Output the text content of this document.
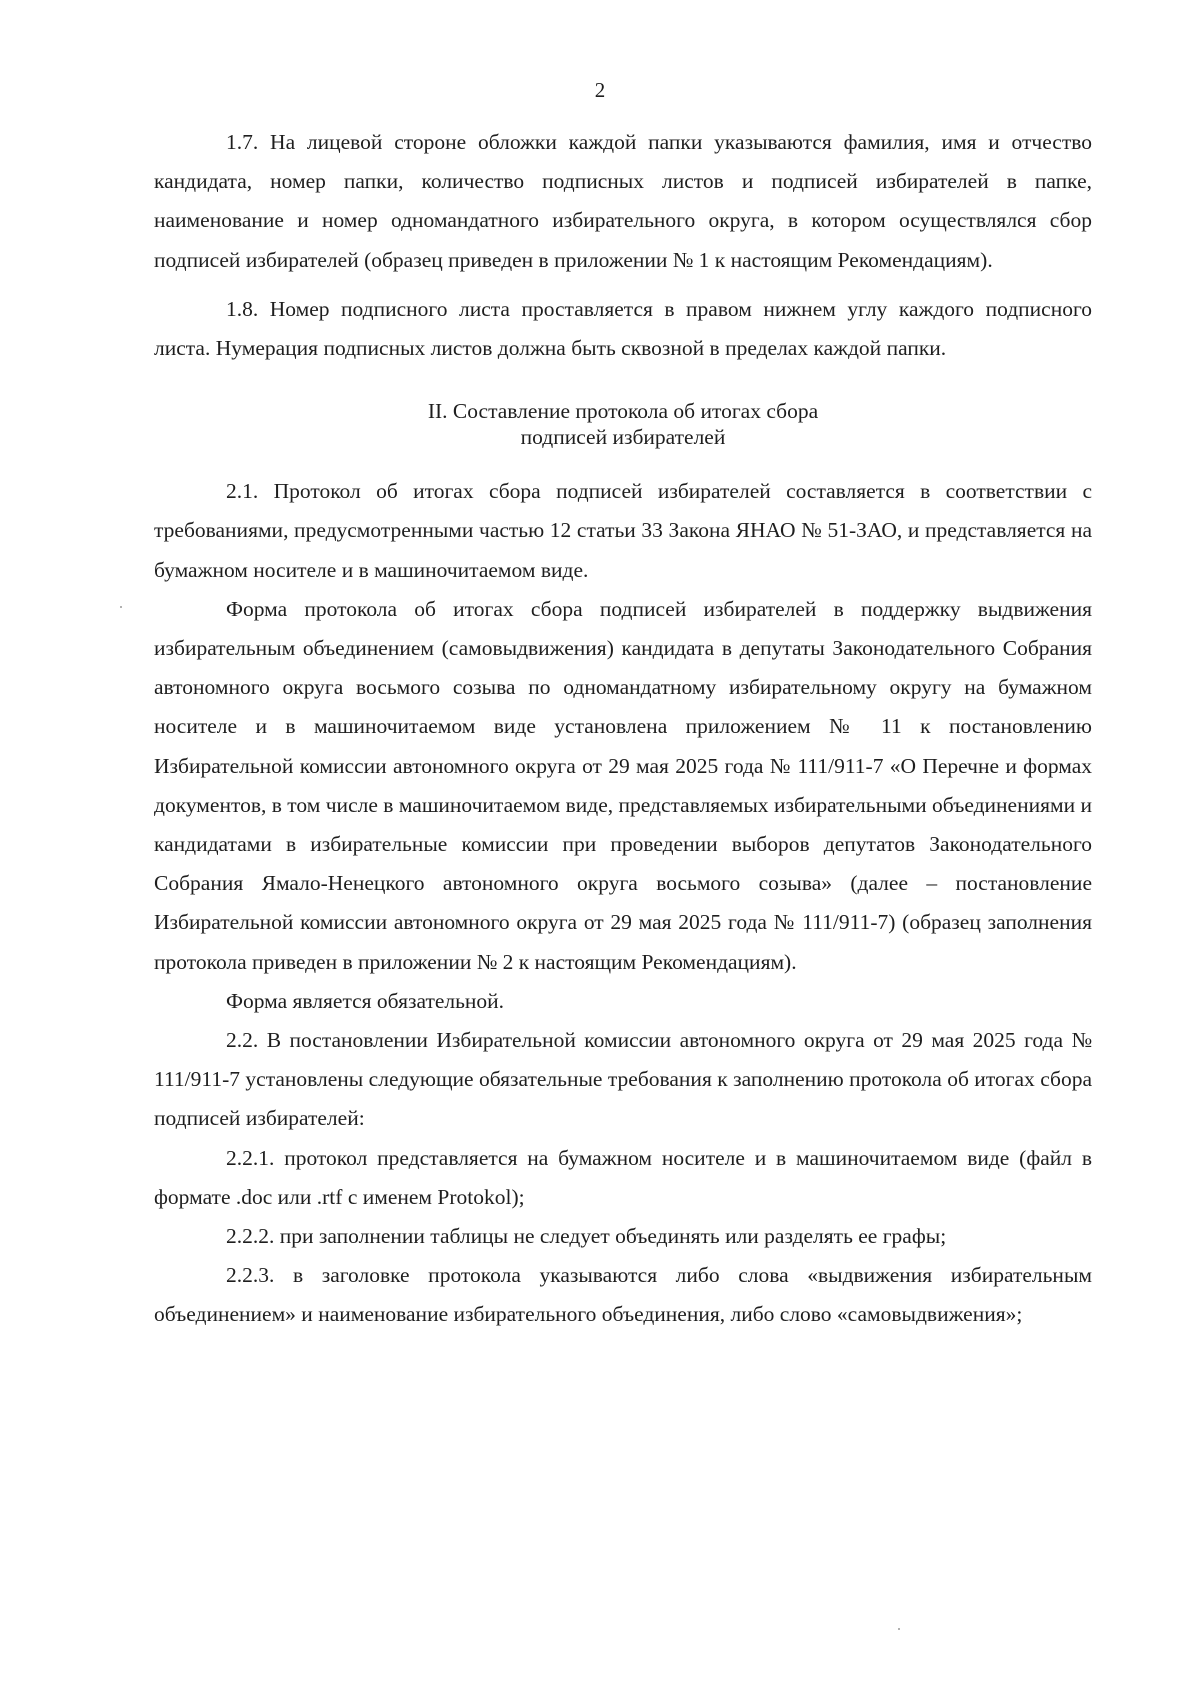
2

1.7. На лицевой стороне обложки каждой папки указываются фамилия, имя и отчество кандидата, номер папки, количество подписных листов и подписей избирателей в папке, наименование и номер одномандатного избирательного округа, в котором осуществлялся сбор подписей избирателей (образец приведен в приложении № 1 к настоящим Рекомендациям).

1.8. Номер подписного листа проставляется в правом нижнем углу каждого подписного листа. Нумерация подписных листов должна быть сквозной в пределах каждой папки.

II. Составление протокола об итогах сбора
подписей избирателей

2.1. Протокол об итогах сбора подписей избирателей составляется в соответствии с требованиями, предусмотренными частью 12 статьи 33 Закона ЯНАО № 51-ЗАО, и представляется на бумажном носителе и в машиночитаемом виде.

Форма протокола об итогах сбора подписей избирателей в поддержку выдвижения избирательным объединением (самовыдвижения) кандидата в депутаты Законодательного Собрания автономного округа восьмого созыва по одномандатному избирательному округу на бумажном носителе и в машиночитаемом виде установлена приложением № 11 к постановлению Избирательной комиссии автономного округа от 29 мая 2025 года № 111/911-7 «О Перечне и формах документов, в том числе в машиночитаемом виде, представляемых избирательными объединениями и кандидатами в избирательные комиссии при проведении выборов депутатов Законодательного Собрания Ямало-Ненецкого автономного округа восьмого созыва» (далее – постановление Избирательной комиссии автономного округа от 29 мая 2025 года № 111/911-7) (образец заполнения протокола приведен в приложении № 2 к настоящим Рекомендациям).

Форма является обязательной.

2.2. В постановлении Избирательной комиссии автономного округа от 29 мая 2025 года № 111/911-7 установлены следующие обязательные требования к заполнению протокола об итогах сбора подписей избирателей:

2.2.1. протокол представляется на бумажном носителе и в машиночитаемом виде (файл в формате .doc или .rtf с именем Protokol);

2.2.2. при заполнении таблицы не следует объединять или разделять ее графы;

2.2.3. в заголовке протокола указываются либо слова «выдвижения избирательным объединением» и наименование избирательного объединения, либо слово «самовыдвижения»;
